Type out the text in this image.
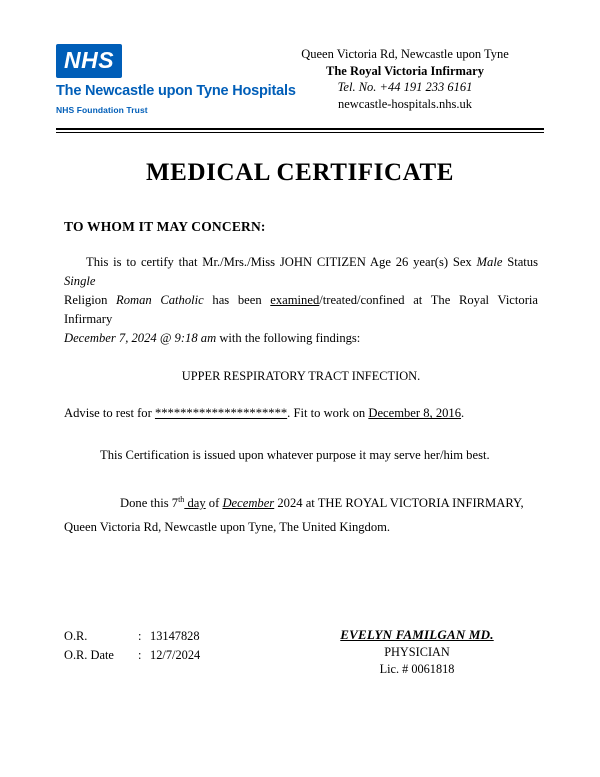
NHS
The Newcastle upon Tyne Hospitals
NHS Foundation Trust
Queen Victoria Rd, Newcastle upon Tyne
The Royal Victoria Infirmary
Tel. No. +44 191 233 6161
newcastle-hospitals.nhs.uk
MEDICAL CERTIFICATE
TO WHOM IT MAY CONCERN:
This is to certify that Mr./Mrs./Miss JOHN CITIZEN Age 26 year(s) Sex Male Status Single
Religion Roman Catholic has been examined/treated/confined at The Royal Victoria Infirmary
December 7, 2024 @ 9:18 am with the following findings:
UPPER RESPIRATORY TRACT INFECTION.
Advise to rest for *********************. Fit to work on December 8, 2016.
This Certification is issued upon whatever purpose it may serve her/him best.
Done this 7th day of December 2024 at THE ROYAL VICTORIA INFIRMARY, Queen Victoria Rd, Newcastle upon Tyne, The United Kingdom.
O.R.	: 13147828
O.R. Date	: 12/7/2024
EVELYN FAMILGAN MD.
PHYSICIAN
Lic. # 0061818
